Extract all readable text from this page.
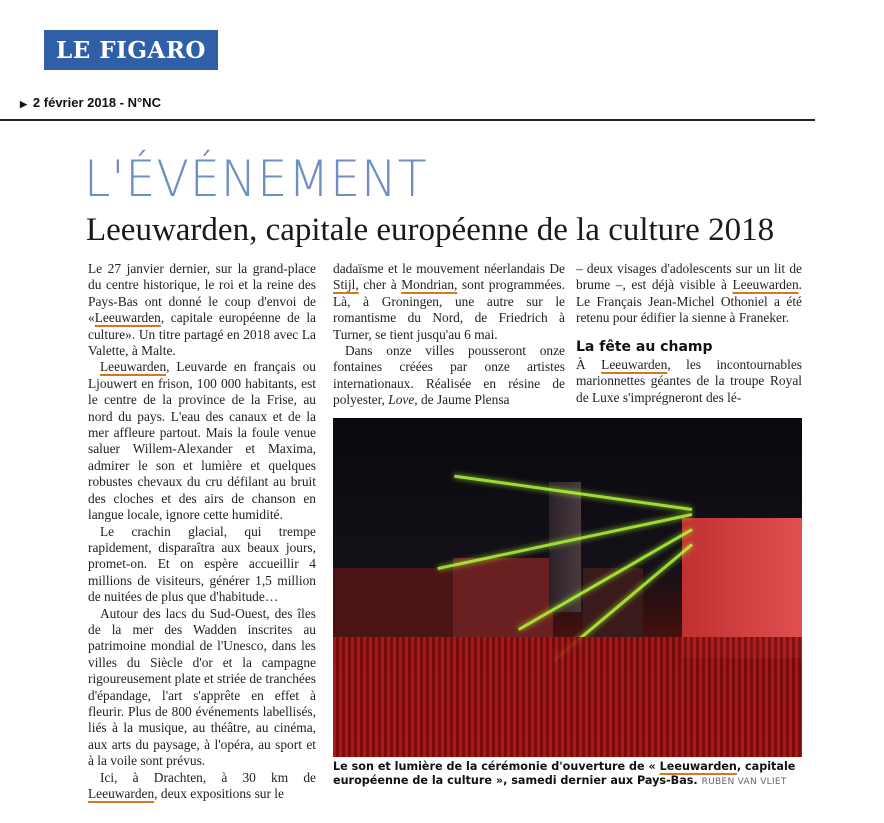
LE FIGARO
▶ 2 février 2018 - N°NC
L'ÉVÉNEMENT
Leeuwarden, capitale européenne de la culture 2018

Le 27 janvier dernier, sur la grand-place du centre historique, le roi et la reine des Pays-Bas ont donné le coup d'envoi de «Leeuwarden, capitale européenne de la culture». Un titre partagé en 2018 avec La Valette, à Malte.

Leeuwarden, Leuvarde en français ou Ljouwert en frison, 100 000 habitants, est le centre de la province de la Frise, au nord du pays. L'eau des canaux et de la mer affleure partout. Mais la foule venue saluer Willem-Alexander et Maxima, admirer le son et lumière et quelques robustes chevaux du cru défilant au bruit des cloches et des airs de chanson en langue locale, ignore cette humidité.

Le crachin glacial, qui trempe rapidement, disparaîtra aux beaux jours, promet-on. Et on espère accueillir 4 millions de visiteurs, générer 1,5 million de nuitées de plus que d'habitude…

Autour des lacs du Sud-Ouest, des îles de la mer des Wadden inscrites au patrimoine mondial de l'Unesco, dans les villes du Siècle d'or et la campagne rigoureusement plate et striée de tranchées d'épandage, l'art s'apprête en effet à fleurir. Plus de 800 événements labellisés, liés à la musique, au théâtre, au cinéma, aux arts du paysage, à l'opéra, au sport et à la voile sont prévus.

Ici, à Drachten, à 30 km de Leeuwarden, deux expositions sur le

dadaïsme et le mouvement néerlandais De Stijl, cher à Mondrian, sont programmées. Là, à Groningen, une autre sur le romantisme du Nord, de Friedrich à Turner, se tient jusqu'au 6 mai.

Dans onze villes pousseront onze fontaines créées par onze artistes internationaux. Réalisée en résine de polyester, Love, de Jaume Plensa

– deux visages d'adolescents sur un lit de brume –, est déjà visible à Leeuwarden. Le Français Jean-Michel Othoniel a été retenu pour édifier la sienne à Franeker.

La fête au champ

À Leeuwarden, les incontournables marionnettes géantes de la troupe Royal de Luxe s'imprégneront des lé-

Le son et lumière de la cérémonie d'ouverture de « Leeuwarden, capitale européenne de la culture », samedi dernier aux Pays-Bas. RUBEN VAN VLIET
